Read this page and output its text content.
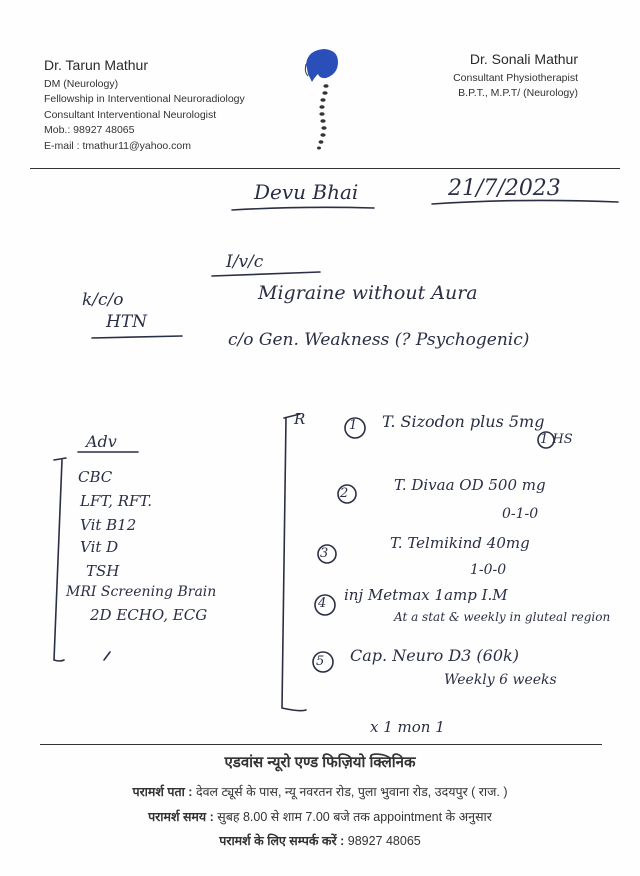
Dr. Tarun Mathur
DM (Neurology)
Fellowship in Interventional Neuroradiology
Consultant Interventional Neurologist
Mob.: 98927 48065
E-mail : tmathur11@yahoo.com
Dr. Sonali Mathur
Consultant Physiotherapist
B.P.T., M.P.T/ (Neurology)
Devu Bhai	21/7/2023
I/v/c
Migraine without Aura
k/c/o
HTN
c/o Gen. Weakness (? Psychogenic)
Adv
CBC
LFT, RFT.
Vit B12
Vit D
TSH
MRI Screening Brain
2D ECHO, ECG
R	1 T. Sizodon plus 5mg
1 HS
2	T. Divaa OD 500 mg
0-1-0
3
T. Telmikind 40mg
1-0-0
4 inj Metmax 1amp I.M
At a stat & weekly in gluteal region
5 Cap. Neuro D3 (60k)
Weekly 6 weeks
x 1 mon 1
एडवांस न्यूरो एण्ड फिज़ियो क्लिनिक
परामर्श पता : देवल ट्यूर्स के पास, न्यू नवरतन रोड, पुला भुवाना रोड, उदयपुर ( राज. )
परामर्श समय : सुबह 8.00 से शाम 7.00 बजे तक appointment के अनुसार
परामर्श के लिए सम्पर्क करें : 98927 48065
